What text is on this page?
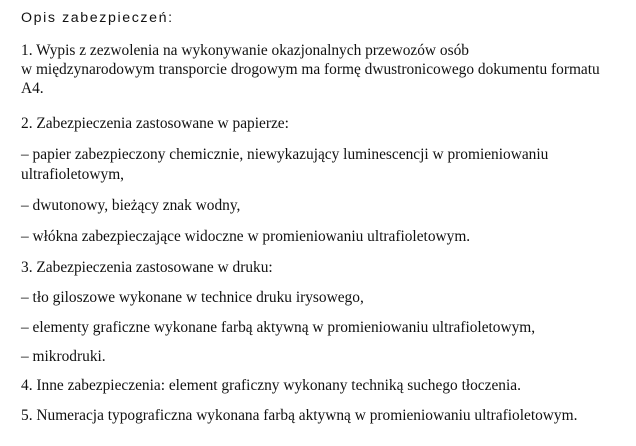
Opis zabezpieczeń:
1. Wypis z zezwolenia na wykonywanie okazjonalnych przewozów osób
w międzynarodowym transporcie drogowym ma formę dwustronicowego dokumentu formatu
A4.
2. Zabezpieczenia zastosowane w papierze:
– papier zabezpieczony chemicznie, niewykazujący luminescencji w promieniowaniu
ultrafioletowym,
– dwutonowy, bieżący znak wodny,
– włókna zabezpieczające widoczne w promieniowaniu ultrafioletowym.
3. Zabezpieczenia zastosowane w druku:
– tło giloszowe wykonane w technice druku irysowego,
– elementy graficzne wykonane farbą aktywną w promieniowaniu ultrafioletowym,
– mikrodruki.
4. Inne zabezpieczenia: element graficzny wykonany techniką suchego tłoczenia.
5. Numeracja typograficzna wykonana farbą aktywną w promieniowaniu ultrafioletowym.
